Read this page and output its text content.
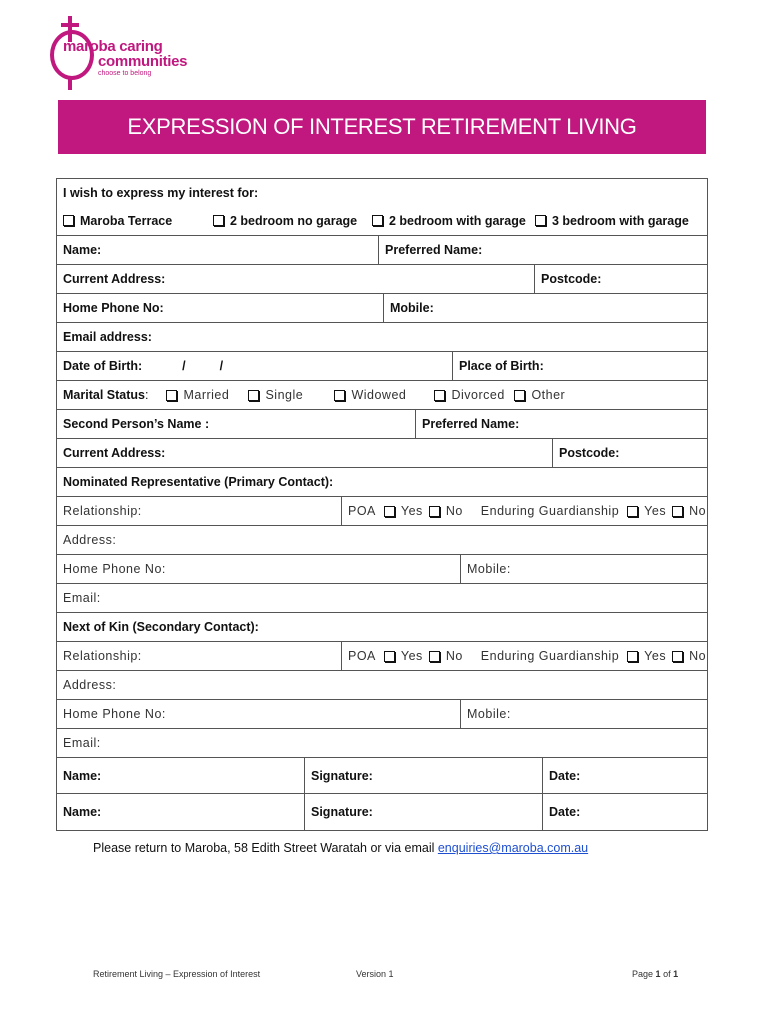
maroba caring
communities
choose to belong
EXPRESSION OF INTEREST RETIREMENT LIVING
I wish to express my interest for:
Maroba Terrace	2 bedroom no garage	2 bedroom with garage 3 bedroom with garage
Name:	Preferred Name:
Current Address:	Postcode:
Home Phone No:	Mobile:
Email address:
Date of Birth:	/	/	Place of Birth:
Marital Status :	Married	Single	Widowed	Divorced Other
Second Person’s Name :	Preferred Name:
Current Address:	Postcode:
Nominated Representative (Primary Contact):
Relationship:	POA Yes No Enduring Guardianship Yes No
Address:
Home Phone No:	Mobile:
Email:
Next of Kin (Secondary Contact):
Relationship:	POA Yes No Enduring Guardianship Yes No
Address:
Home Phone No:	Mobile:
Email:
Name:	Signature:	Date:
Name:	Signature:	Date:
Please return to Maroba, 58 Edith Street Waratah or via email enquiries@maroba.com.au
Retirement Living – Expression of Interest	Version 1	Page 1 of 1
